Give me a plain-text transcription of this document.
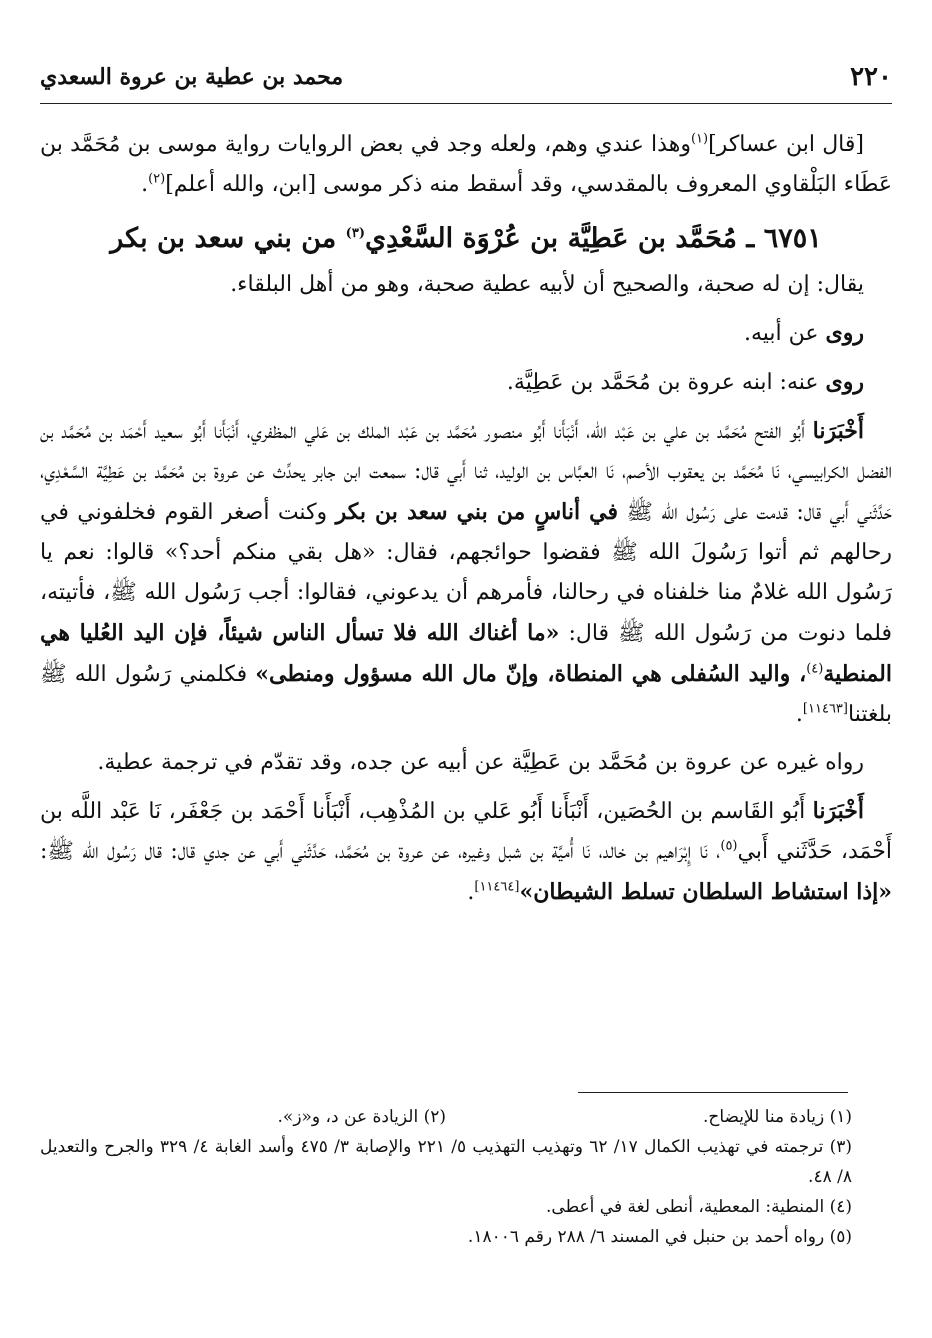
٢٢٠
محمد بن عطية بن عروة السعدي

[قال ابن عساكر]$^{(١)}$وهذا عندي وهم، ولعله وجد في بعض الروايات رواية موسى بن مُحَمَّد بن عَطَاء البَلْقاوي المعروف بالمقدسي، وقد أسقط منه ذكر موسى [ابن، والله أعلم]$^{(٢)}$.

٦٧٥١ ـ مُحَمَّد بن عَطِيَّة بن عُرْوَة السَّعْدِي$^{(٣)}$ من بني سعد بن بكر

يقال: إن له صحبة، والصحيح أن لأبيه عطية صحبة، وهو من أهل البلقاء.

روى عن أبيه.

روى عنه: ابنه عروة بن مُحَمَّد بن عَطِيَّة.

أَخْبَرَنا أَبُو الفتح مُحَمَّد بن علي بن عَبْد الله، أَنْبَأَنا أَبُو منصور مُحَمَّد بن عَبْد الملك بن عَلي المظفري، أَنْبَأَنا أَبُو سعيد أَحْمَد بن مُحَمَّد بن الفضل الكرابيسي، نَا مُحَمَّد بن يعقوب الأصم، نَا العبَّاس بن الوليد، ثنا أَبي قال: سمعت ابن جابر يحدِّث عن عروة بن مُحَمَّد بن عَطِيَّة السَّعْدِي، حَدَّثَني أَبي قال: قدمت على رَسُول الله ﷺ في أناسٍ من بني سعد بن بكر وكنت أصغر القوم فخلفوني في رحالهم ثم أتوا رَسُولَ الله ﷺ فقضوا حوائجهم، فقال: «هل بقي منكم أحد؟» قالوا: نعم يا رَسُول الله غلامٌ منا خلفناه في رحالنا، فأمرهم أن يدعوني، فقالوا: أجب رَسُول الله ﷺ، فأتيته، فلما دنوت من رَسُول الله ﷺ قال: «ما أغناك الله فلا تسأل الناس شيئاً، فإن اليد العُليا هي المنطية$^{(٤)}$، واليد السُفلى هي المنطاة، وإنّ مال الله مسؤول ومنطى» فكلمني رَسُول الله ﷺ بلغتنا[١١٤٦٣].

رواه غيره عن عروة بن مُحَمَّد بن عَطِيَّة عن أبيه عن جده، وقد تقدّم في ترجمة عطية.

أَخْبَرَنا أَبُو القَاسم بن الحُصَين، أَنْبَأَنا أَبُو عَلي بن المُذْهِب، أَنْبَأَنا أَحْمَد بن جَعْفَر، نَا عَبْد اللَّه بن أَحْمَد، حَدَّثَني أَبي$^{(٥)}$، نَا إِبْرَاهيم بن خالد، نَا أُميَّة بن شبل وغيره، عن عروة بن مُحَمَّد، حَدَّثَني أَبي عن جدي قال: قال رَسُول الله ﷺ: «إذا استشاط السلطان تسلط الشيطان»[١١٤٦٤].

(١) زيادة منا للإيضاح.
(٢) الزيادة عن د، و«ز».

(٣) ترجمته في تهذيب الكمال ١٧/ ٦٢ وتهذيب التهذيب ٥/ ٢٢١ والإصابة ٣/ ٤٧٥ وأسد الغابة ٤/ ٣٢٩ والجرح والتعديل ٨/ ٤٨.

(٤) المنطية: المعطية، أنطى لغة في أعطى.

(٥) رواه أحمد بن حنبل في المسند ٦/ ٢٨٨ رقم ١٨٠٠٦.
